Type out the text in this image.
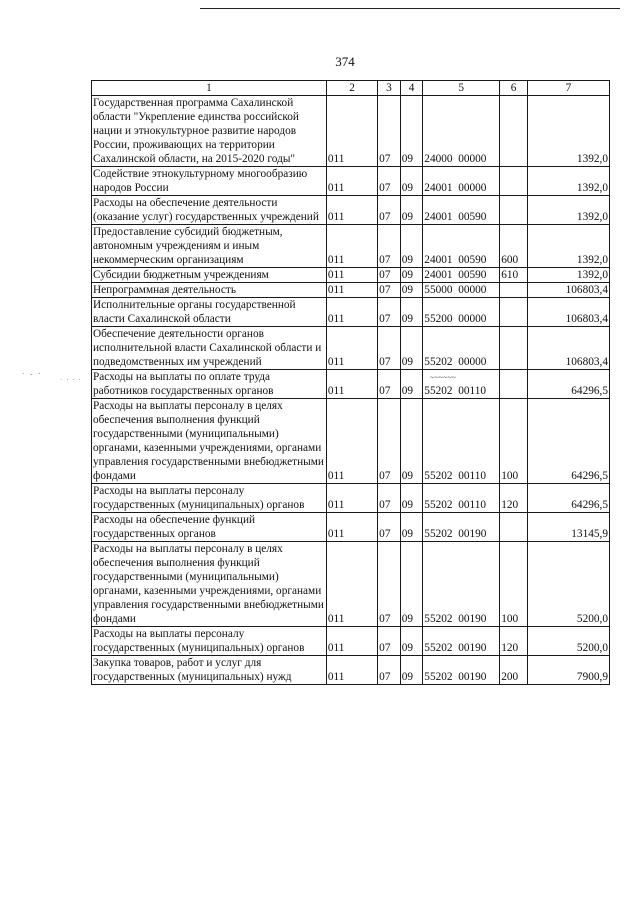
374
· - ·
· · · ·	~~~~~~
1	2	3	4	5	6	7
Государственная программа Сахалинской области "Укрепление единства российской нации и этнокультурное развитие народов России, проживающих на территории Сахалинской области, на 2015-2020 годы"	011	07	09	24000  00000		1392,0
Содействие этнокультурному многообразию народов России	011	07	09	24001  00000		1392,0
Расходы на обеспечение деятельности (оказание услуг) государственных учреждений	011	07	09	24001  00590		1392,0
Предоставление субсидий бюджетным, автономным учреждениям и иным некоммерческим организациям	011	07	09	24001  00590	600	1392,0
Субсидии бюджетным учреждениям	011	07	09	24001  00590	610	1392,0
Непрограммная деятельность	011	07	09	55000  00000		106803,4
Исполнительные органы государственной власти Сахалинской области	011	07	09	55200  00000		106803,4
Обеспечение деятельности органов исполнительной власти Сахалинской области и подведомственных им учреждений	011	07	09	55202  00000		106803,4
Расходы на выплаты по оплате труда работников государственных органов	011	07	09	55202  00110		64296,5
Расходы на выплаты персоналу в целях обеспечения выполнения функций государственными (муниципальными) органами, казенными учреждениями, органами управления государственными внебюджетными фондами	011	07	09	55202  00110	100	64296,5
Расходы на выплаты персоналу государственных (муниципальных) органов	011	07	09	55202  00110	120	64296,5
Расходы на обеспечение функций государственных органов	011	07	09	55202  00190		13145,9
Расходы на выплаты персоналу в целях обеспечения выполнения функций государственными (муниципальными) органами, казенными учреждениями, органами управления государственными внебюджетными фондами	011	07	09	55202  00190	100	5200,0
Расходы на выплаты персоналу государственных (муниципальных) органов	011	07	09	55202  00190	120	5200,0
Закупка товаров, работ и услуг для государственных (муниципальных) нужд	011	07	09	55202  00190	200	7900,9
